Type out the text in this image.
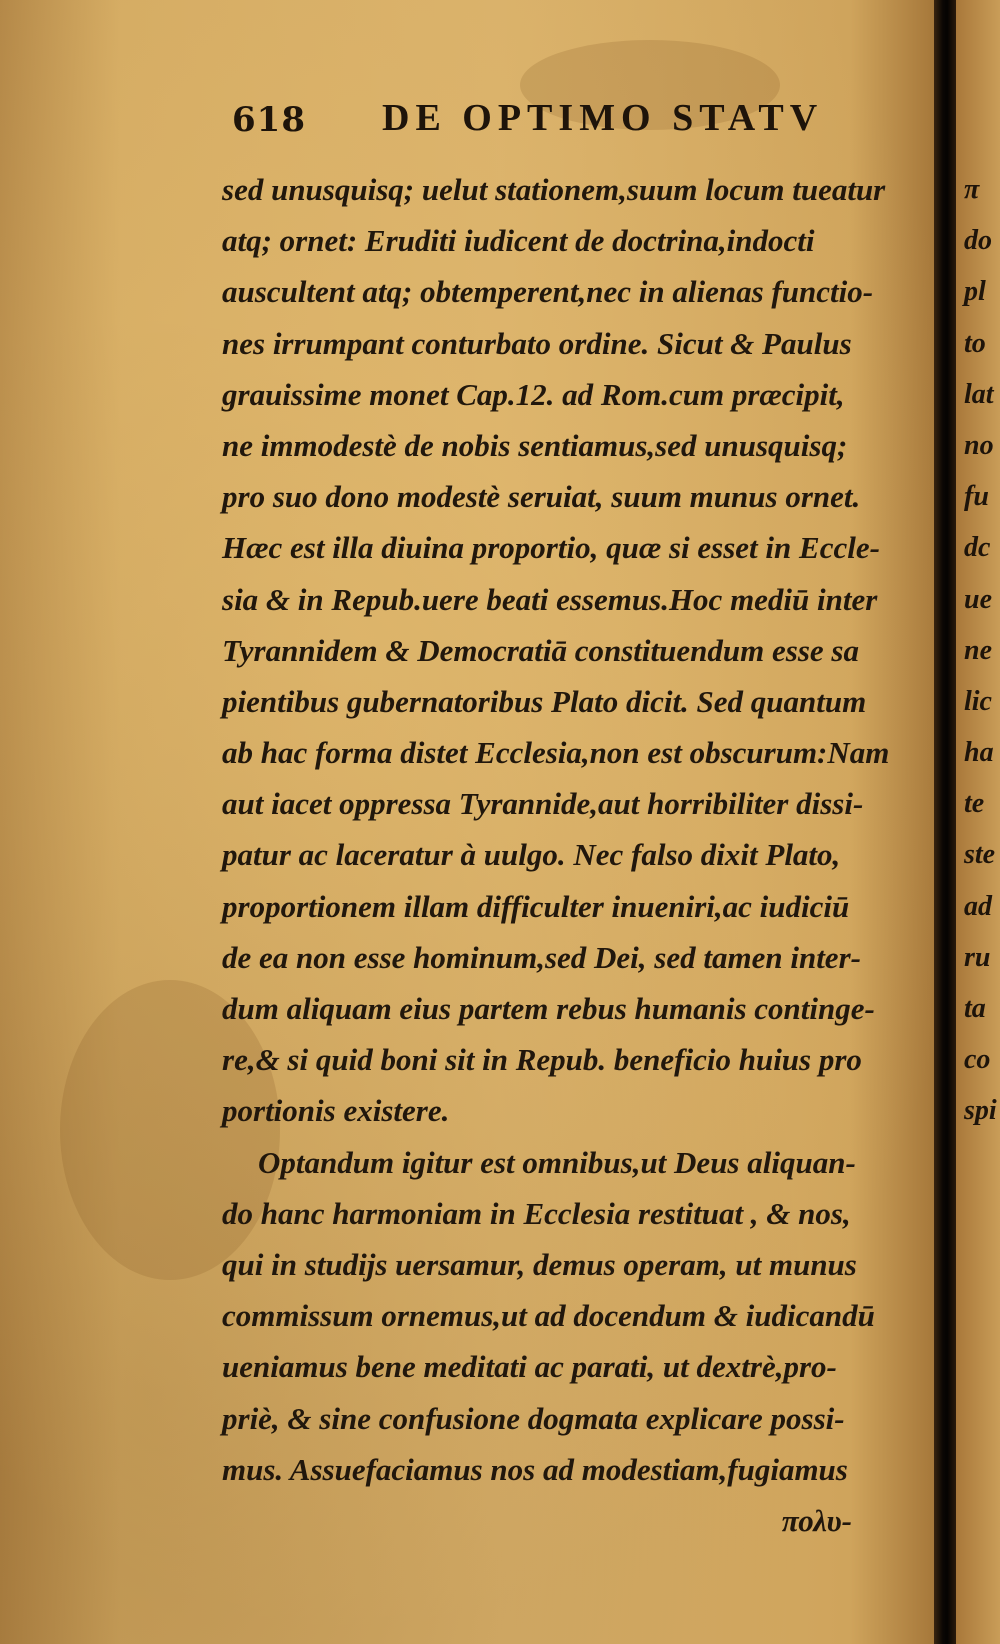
618 DE OPTIMO STATV
sed unusquisq; uelut stationem,suum locum tueatur
atq; ornet: Eruditi iudicent de doctrina,indocti
auscultent atq; obtemperent,nec in alienas functio-
nes irrumpant conturbato ordine. Sicut & Paulus
grauissime monet Cap.12. ad Rom.cum præcipit,
ne immodestè de nobis sentiamus,sed unusquisq;
pro suo dono modestè seruiat, suum munus ornet.
Hæc est illa diuina proportio, quæ si esset in Eccle-
sia & in Repub.uere beati essemus.Hoc mediū inter
Tyrannidem & Democratiā constituendum esse sa
pientibus gubernatoribus Plato dicit. Sed quantum
ab hac forma distet Ecclesia,non est obscurum:Nam
aut iacet oppressa Tyrannide,aut horribiliter dissi-
patur ac laceratur à uulgo. Nec falso dixit Plato,
proportionem illam difficulter inueniri,ac iudiciū
de ea non esse hominum,sed Dei, sed tamen inter-
dum aliquam eius partem rebus humanis continge-
re,& si quid boni sit in Repub. beneficio huius pro
portionis existere.
Optandum igitur est omnibus,ut Deus aliquan-
do hanc harmoniam in Ecclesia restituat , & nos,
qui in studijs uersamur, demus operam, ut munus
commissum ornemus,ut ad docendum & iudicandū
ueniamus bene meditati ac parati, ut dextrè,pro-
priè, & sine confusione dogmata explicare possi-
mus. Assuefaciamus nos ad modestiam,fugiamus
πολυ-
π
do
pl
to
lat
no
fu
dc
ue
ne
lic
ha
te
ste
ad
ru
ta
co
spi
